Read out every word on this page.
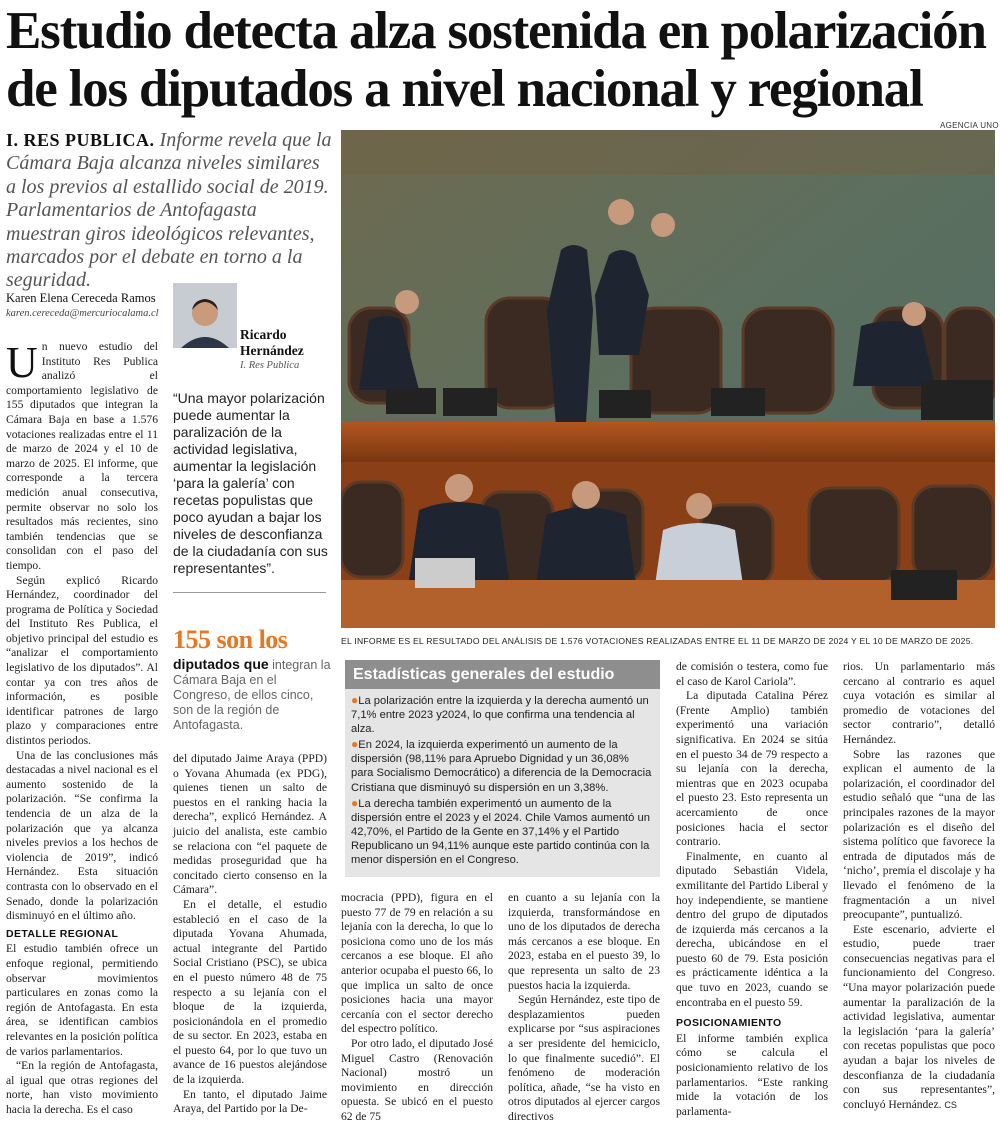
Estudio detecta alza sostenida en polarización de los diputados a nivel nacional y regional
AGENCIA UNO
I. RES PUBLICA. Informe revela que la Cámara Baja alcanza niveles similares a los previos al estallido social de 2019. Parlamentarios de Antofagasta muestran giros ideológicos relevantes, marcados por el debate en torno a la seguridad.
EL INFORME ES EL RESULTADO DEL ANÁLISIS DE 1.576 VOTACIONES REALIZADAS ENTRE EL 11 DE MARZO DE 2024 Y EL 10 DE MARZO DE 2025.
Karen Elena Cereceda Ramos
karen.cereceda@mercuriocalama.cl
Ricardo Hernández
I. Res Publica
“Una mayor polarización puede aumentar la paralización de la actividad legislativa, aumentar la legislación ‘para la galería’ con recetas populistas que poco ayudan a bajar los niveles de desconfianza de la ciudadanía con sus representantes”.
155 son los
diputados que integran la Cámara Baja en el Congreso, de ellos cinco, son de la región de Antofagasta.

Un nuevo estudio del Instituto Res Publica analizó el comportamiento legislativo de 155 diputados que integran la Cámara Baja en base a 1.576 votaciones realizadas entre el 11 de marzo de 2024 y el 10 de marzo de 2025. El informe, que corresponde a la tercera medición anual consecutiva, permite observar no solo los resultados más recientes, sino también tendencias que se consolidan con el paso del tiempo.

Según explicó Ricardo Hernández, coordinador del programa de Política y Sociedad del Instituto Res Publica, el objetivo principal del estudio es “analizar el comportamiento legislativo de los diputados”. Al contar ya con tres años de información, es posible identificar patrones de largo plazo y comparaciones entre distintos periodos.

Una de las conclusiones más destacadas a nivel nacional es el aumento sostenido de la polarización. “Se confirma la tendencia de un alza de la polarización que ya alcanza niveles previos a los hechos de violencia de 2019”, indicó Hernández. Esta situación contrasta con lo observado en el Senado, donde la polarización disminuyó en el último año.

DETALLE REGIONAL

El estudio también ofrece un enfoque regional, permitiendo observar movimientos particulares en zonas como la región de Antofagasta. En esta área, se identifican cambios relevantes en la posición política de varios parlamentarios.

“En la región de Antofagasta, al igual que otras regiones del norte, han visto movimiento hacia la derecha. Es el caso

del diputado Jaime Araya (PPD) o Yovana Ahumada (ex PDG), quienes tienen un salto de puestos en el ranking hacia la derecha”, explicó Hernández. A juicio del analista, este cambio se relaciona con “el paquete de medidas proseguridad que ha concitado cierto consenso en la Cámara”.

En el detalle, el estudio estableció en el caso de la diputada Yovana Ahumada, actual integrante del Partido Social Cristiano (PSC), se ubica en el puesto número 48 de 75 respecto a su lejanía con el bloque de la izquierda, posicionándola en el promedio de su sector. En 2023, estaba en el puesto 64, por lo que tuvo un avance de 16 puestos alejándose de la izquierda.

En tanto, el diputado Jaime Araya, del Partido por la De-

Estadísticas generales del estudio
●La polarización entre la izquierda y la derecha aumentó un 7,1% entre 2023 y2024, lo que confirma una tendencia al alza.
●En 2024, la izquierda experimentó un aumento de la dispersión (98,11% para Apruebo Dignidad y un 36,08% para Socialismo Democrático) a diferencia de la Democracia Cristiana que disminuyó su dispersión en un 3,38%.
●La derecha también experimentó un aumento de la dispersión entre el 2023 y el 2024. Chile Vamos aumentó un 42,70%, el Partido de la Gente en 37,14% y el Partido Republicano un 94,11% aunque este partido continúa con la menor dispersión en el Congreso.

mocracia (PPD), figura en el puesto 77 de 79 en relación a su lejanía con la derecha, lo que lo posiciona como uno de los más cercanos a ese bloque. El año anterior ocupaba el puesto 66, lo que implica un salto de once posiciones hacia una mayor cercanía con el sector derecho del espectro político.

Por otro lado, el diputado José Miguel Castro (Renovación Nacional) mostró un movimiento en dirección opuesta. Se ubicó en el puesto 62 de 75

en cuanto a su lejanía con la izquierda, transformándose en uno de los diputados de derecha más cercanos a ese bloque. En 2023, estaba en el puesto 39, lo que representa un salto de 23 puestos hacia la izquierda.

Según Hernández, este tipo de desplazamientos pueden explicarse por “sus aspiraciones a ser presidente del hemiciclo, lo que finalmente sucedió”. El fenómeno de moderación política, añade, “se ha visto en otros diputados al ejercer cargos directivos

de comisión o testera, como fue el caso de Karol Cariola”.

La diputada Catalina Pérez (Frente Amplio) también experimentó una variación significativa. En 2024 se sitúa en el puesto 34 de 79 respecto a su lejanía con la derecha, mientras que en 2023 ocupaba el puesto 23. Esto representa un acercamiento de once posiciones hacia el sector contrario.

Finalmente, en cuanto al diputado Sebastián Videla, exmilitante del Partido Liberal y hoy independiente, se mantiene dentro del grupo de diputados de izquierda más cercanos a la derecha, ubicándose en el puesto 60 de 79. Esta posición es prácticamente idéntica a la que tuvo en 2023, cuando se encontraba en el puesto 59.

POSICIONAMIENTO

El informe también explica cómo se calcula el posicionamiento relativo de los parlamentarios. “Este ranking mide la votación de los parlamenta-

rios. Un parlamentario más cercano al contrario es aquel cuya votación es similar al promedio de votaciones del sector contrario”, detalló Hernández.

Sobre las razones que explican el aumento de la polarización, el coordinador del estudio señaló que “una de las principales razones de la mayor polarización es el diseño del sistema político que favorece la entrada de diputados más de ‘nicho’, premia el discolaje y ha llevado el fenómeno de la fragmentación a un nivel preocupante”, puntualizó.

Este escenario, advierte el estudio, puede traer consecuencias negativas para el funcionamiento del Congreso. “Una mayor polarización puede aumentar la paralización de la actividad legislativa, aumentar la legislación ‘para la galería’ con recetas populistas que poco ayudan a bajar los niveles de desconfianza de la ciudadanía con sus representantes”, concluyó Hernández. CS
